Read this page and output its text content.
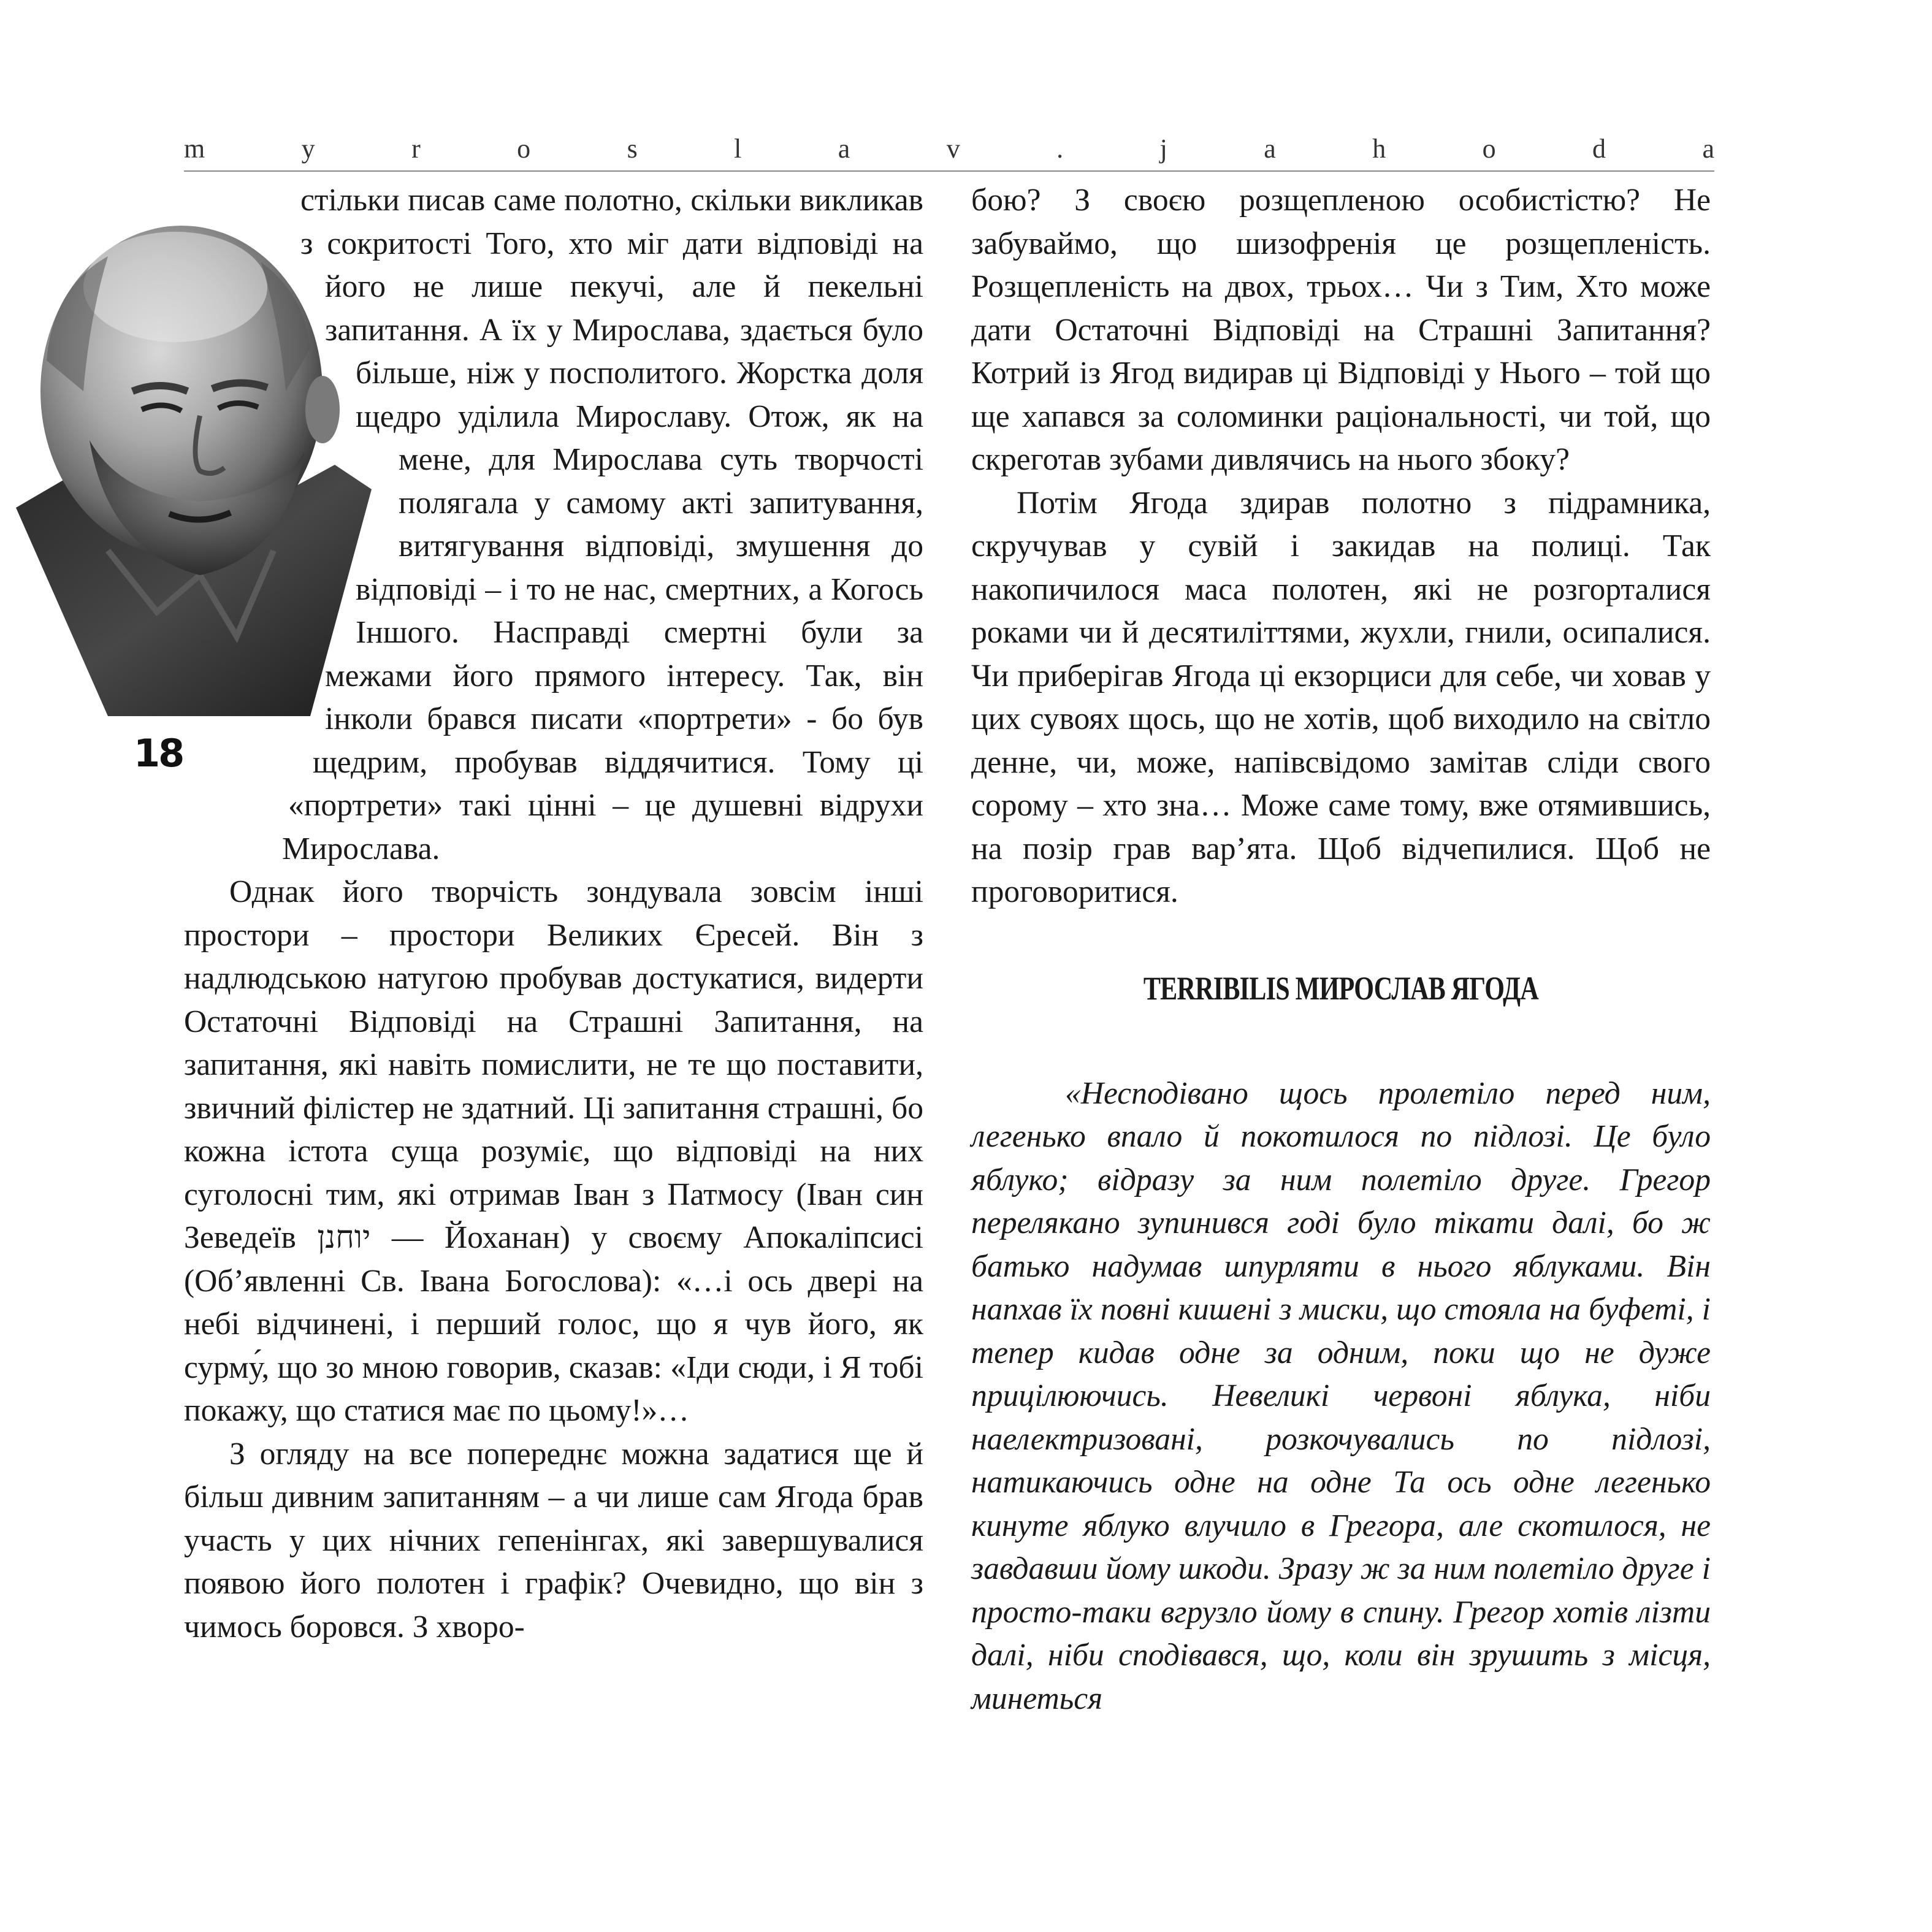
m	y	r	o	s	l	a	v	.	j	a	h	o	d	a
18

стільки писав саме полотно, скільки викликав з сокритості Того, хто міг дати відповіді на його не лише пекучі, але й пекельні запитання. А їх у Мирослава, здається було більше, ніж у посполитого. Жорстка доля щедро уділила Мирославу. Отож, як на мене, для Мирослава суть творчості полягала у самому акті запитування, витягування відповіді, змушення до відповіді – і то не нас, смертних, а Когось Іншого. Насправді смертні були за межами його прямого інтересу. Так, він інколи брався писати «портрети» - бо був щедрим, пробував віддячитися. Тому ці «портрети» такі цінні – це душевні відрухи Мирослава.

Однак його творчість зондувала зовсім інші простори – простори Великих Єресей. Він з надлюдською натугою пробував достукатися, видерти Остаточні Відповіді на Страшні Запитання, на запитання, які навіть помислити, не те що поставити, звичний філістер не здатний. Ці запитання страшні, бо кожна істота суща розуміє, що відповіді на них суголосні тим, які отримав Іван з Патмосу (Іван син Зеведеїв יוחנן — Йоханан) у своєму Апокаліпсисі (Об’явленні Св. Івана Богослова): «…і ось двері на небі відчинені, і перший голос, що я чув його, як сурму́, що зо мною говорив, сказав: «Іди сюди, і Я тобі покажу, що статися має по цьому!»…

З огляду на все попереднє можна задатися ще й більш дивним запитанням – а чи лише сам Ягода брав участь у цих нічних гепенінгах, які завершувалися появою його полотен і графік? Очевидно, що він з чимось боровся. З хворо-

бою? З своєю розщепленою особистістю? Не забуваймо, що шизофренія це розщепленість. Розщепленість на двох, трьох… Чи з Тим, Хто може дати Остаточні Відповіді на Страшні Запитання? Котрий із Ягод видирав ці Відповіді у Нього – той що ще хапався за соломинки раціональності, чи той, що скреготав зубами дивлячись на нього збоку?

Потім Ягода здирав полотно з підрамника, скручував у сувій і закидав на полиці. Так накопичилося маса полотен, які не розгорталися роками чи й десятиліттями, жухли, гнили, осипалися. Чи приберігав Ягода ці екзорциси для себе, чи ховав у цих сувоях щось, що не хотів, щоб виходило на світло денне, чи, може, напівсвідомо замітав сліди свого сорому – хто зна… Може саме тому, вже отямившись, на позір грав вар’ята. Щоб відчепилися. Щоб не проговоритися.

TERRIBILIS МИРОСЛАВ ЯГОДА

«Несподівано щось пролетіло перед ним, легенько впало й покотилося по підлозі. Це було яблуко; відразу за ним полетіло друге. Грегор перелякано зупинився годі було тікати далі, бо ж батько надумав шпурляти в нього яблуками. Він напхав їх повні кишені з миски, що стояла на буфеті, і тепер кидав одне за одним, поки що не дуже прицілюючись. Невеликі червоні яблука, ніби наелектризовані, розкочувались по підлозі, натикаючись одне на одне Та ось одне легенько кинуте яблуко влучило в Грегора, але скотилося, не завдавши йому шкоди. Зразу ж за ним полетіло друге і просто-таки вгрузло йому в спину. Грегор хотів лізти далі, ніби сподівався, що, коли він зрушить з місця, минеться
